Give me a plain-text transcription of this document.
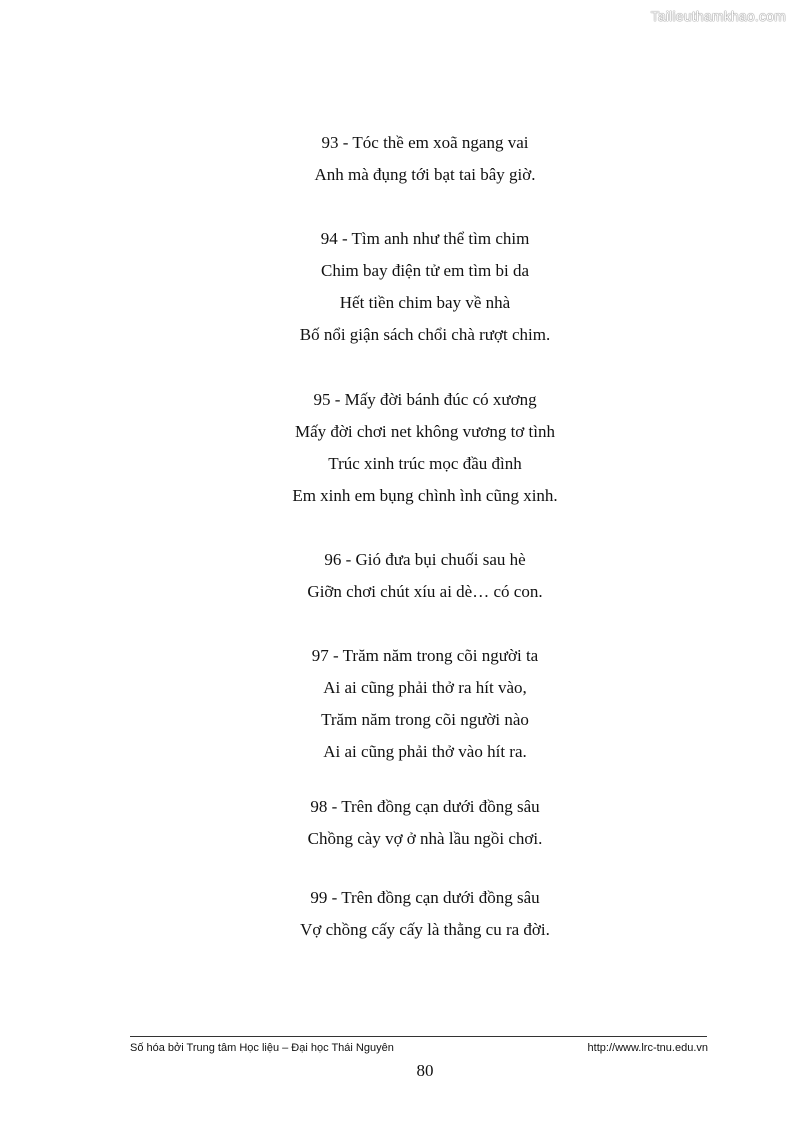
Tailieuthamkhao.com
93 - Tóc thề em xoã ngang vai
Anh mà đụng tới bạt tai bây giờ.
94 - Tìm anh như thể tìm chim
Chim bay điện tử em tìm bi da
Hết tiền chim bay về nhà
Bố nổi giận sách chổi chà rượt chim.
95 - Mấy đời bánh đúc có xương
Mấy đời chơi net không vương tơ tình
Trúc xinh trúc mọc đầu đình
Em xinh em bụng chình ình cũng xinh.
96 - Gió đưa bụi chuối sau hè
Giỡn chơi chút xíu ai dè… có con.
97 - Trăm năm trong cõi người ta
Ai ai cũng phải thở ra hít vào,
Trăm năm trong cõi người nào
Ai ai cũng phải thở vào hít ra.
98 - Trên đồng cạn dưới đồng sâu
Chồng cày vợ ở nhà lầu ngồi chơi.
99 - Trên đồng cạn dưới đồng sâu
Vợ chồng cấy cấy là thằng cu ra đời.
Số hóa bởi Trung tâm Học liệu – Đại học Thái Nguyên	http://www.lrc-tnu.edu.vn
80
